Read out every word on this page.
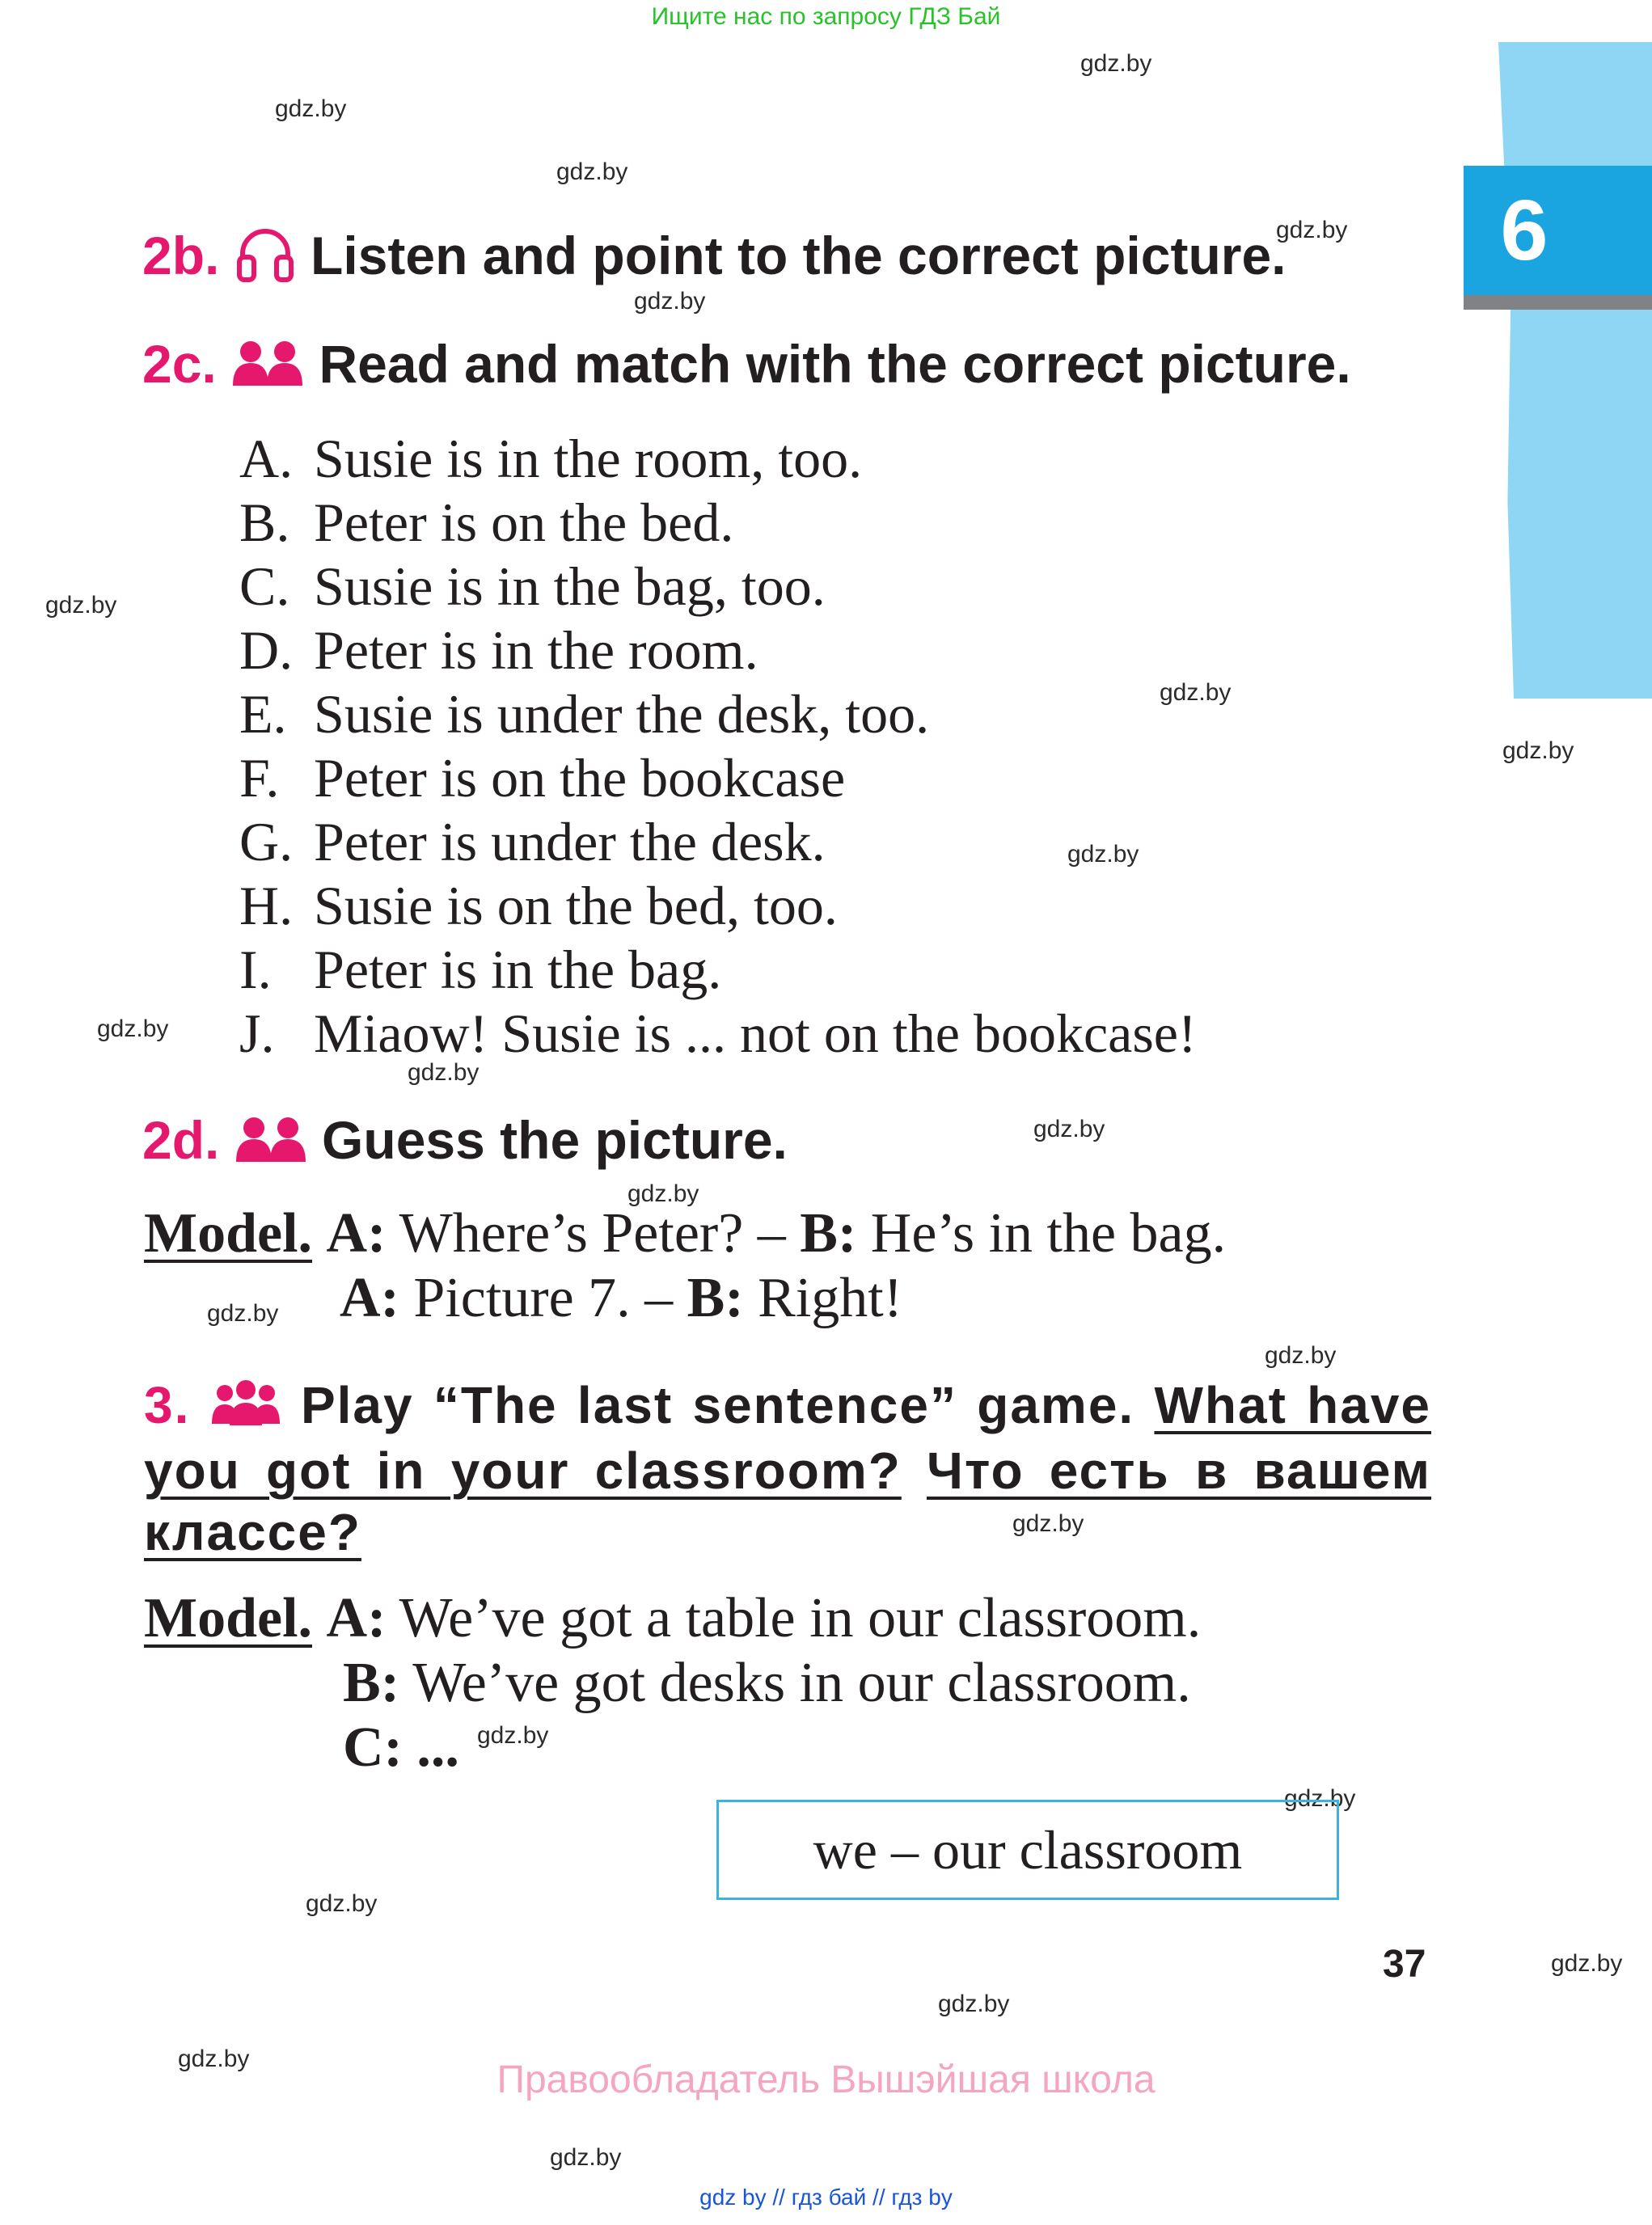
Ищите нас по запросу ГДЗ Бай
gdz.by
gdz.by
gdz.by
gdz.by
gdz.by
gdz.by
gdz.by
gdz.by
gdz.by
gdz.by
gdz.by
gdz.by
gdz.by
gdz.by
gdz.by
gdz.by
gdz.by
gdz.by
gdz.by
gdz.by
gdz.by
gdz.by
gdz.by
6
2b. Listen and point to the correct picture.
2c. Read and match with the correct picture.
A. Susie is in the room, too.
B. Peter is on the bed.
C. Susie is in the bag, too.
D. Peter is in the room.
E. Susie is under the desk, too.
F. Peter is on the bookcase
G. Peter is under the desk.
H. Susie is on the bed, too.
I. Peter is in the bag.
J. Miaow! Susie is ... not on the bookcase!
2d. Guess the picture.
Model. A: Where’s Peter? – B: He’s in the bag.
A: Picture 7. – B: Right!
3. Play “The last sentence” game. What have you got in your classroom? Что есть в вашем классе?
Model. A: We’ve got a table in our classroom.
B: We’ve got desks in our classroom.
C: ...
we – our classroom
37
Правообладатель Вышэйшая школа
gdz by // гдз бай // гдз by
